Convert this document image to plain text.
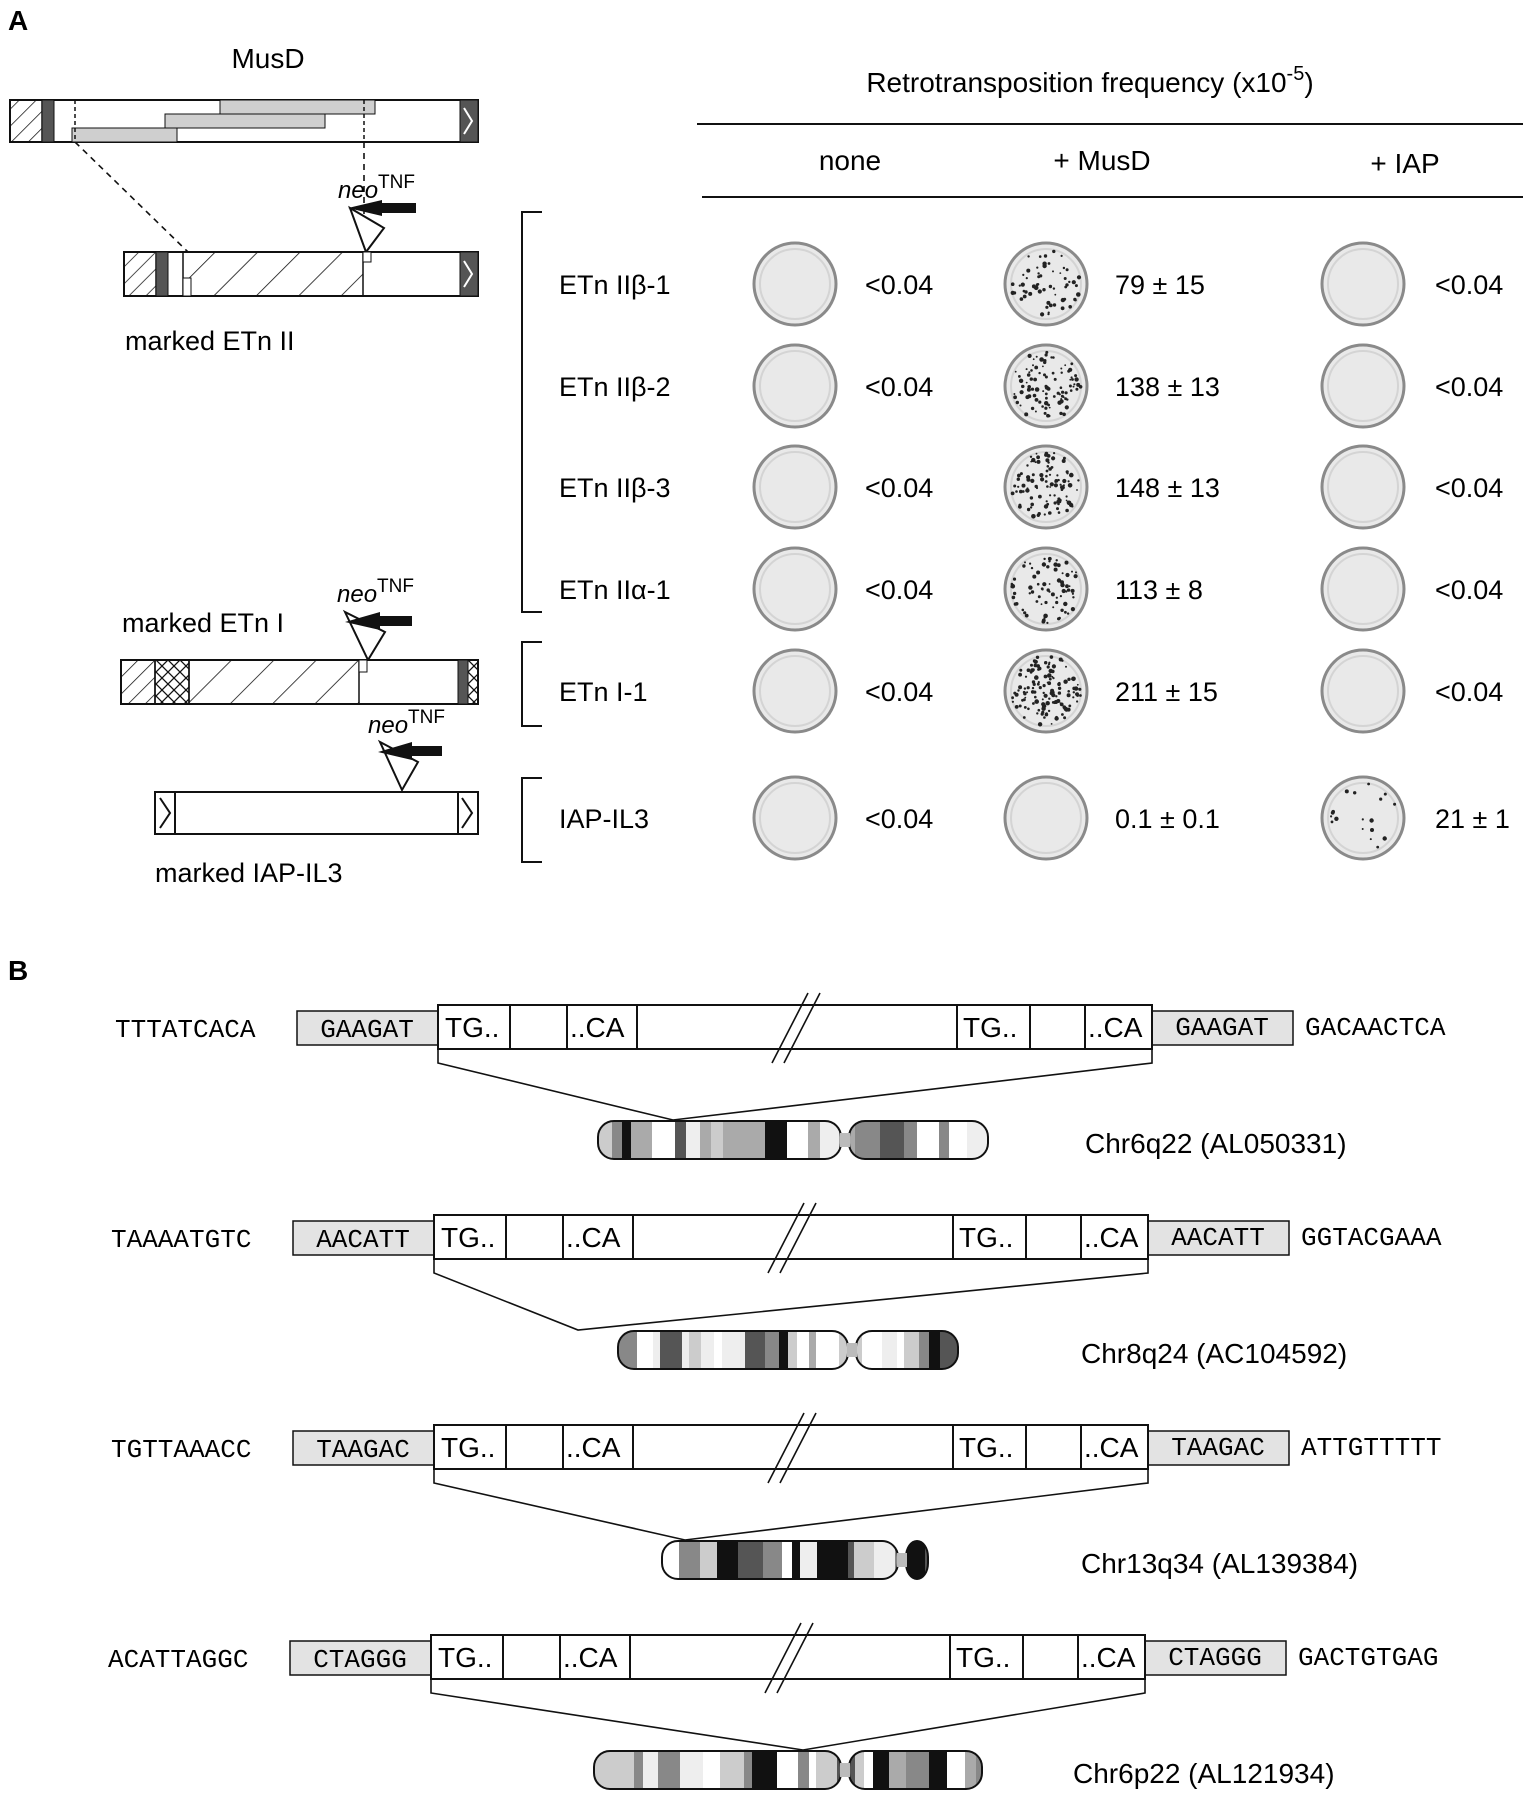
A
MusD
neo$^{TNF}$
marked ETn II
neo$^{TNF}$
marked ETn I
neo$^{TNF}$
marked IAP-IL3
Retrotransposition frequency $(x10^{-5})$
none	+ MusD	+ IAP
ETn IIβ-1	<0.04	79 ± 15	<0.04
ETn IIβ-2	<0.04	138 ± 13	<0.04
ETn IIβ-3	<0.04	148 ± 13	<0.04
ETn IIα-1	<0.04	113 ± 8	<0.04
ETn I-1	<0.04	211 ± 15	<0.04
IAP-IL3	<0.04	0.1 ± 0.1	21 ± 1
B
TTTATCACA	GACAACTCA
GAAGAT	GAAGAT
TG..	..CA	TG..	..CA
Chr6q22 (AL050331)
TAAAATGTC	GGTACGAAA
AACATT	AACATT
TG..	..CA	TG..	..CA
Chr8q24 (AC104592)
TGTTAAACC	ATTGTTTTT
TAAGAC	TAAGAC
TG..	..CA	TG..	..CA
Chr13q34 (AL139384)
ACATTAGGC	GACTGTGAG
CTAGGG	CTAGGG
TG..	..CA	TG..	..CA
Chr6p22 (AL121934)
